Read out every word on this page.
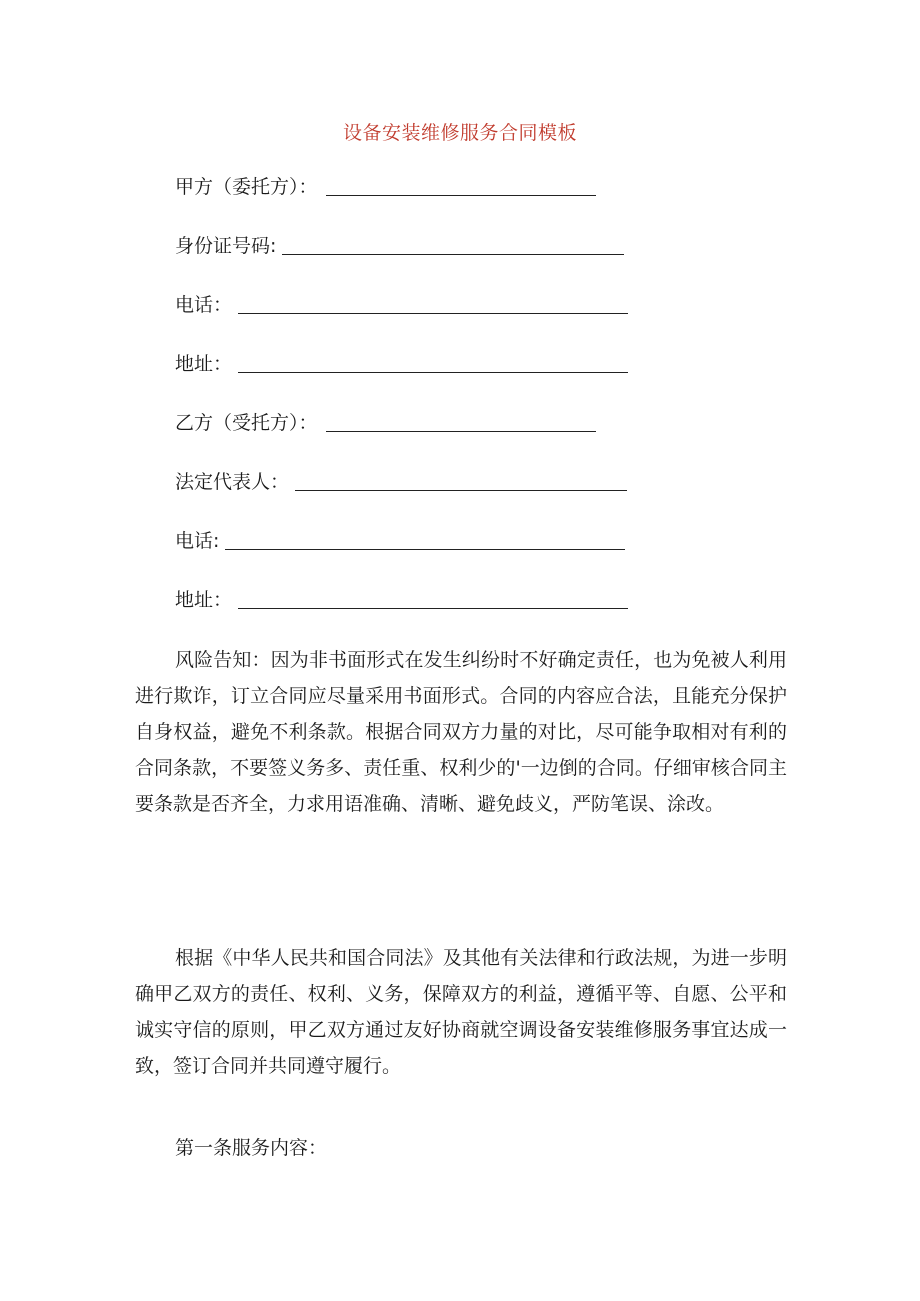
设备安装维修服务合同模板
甲方（委托方）：
身份证号码:
电话：
地址：
乙方（受托方）：
法定代表人：
电话:
地址：

风险告知：因为非书面形式在发生纠纷时不好确定责任，也为免被人利用进行欺诈，订立合同应尽量采用书面形式。合同的内容应合法，且能充分保护自身权益，避免不利条款。根据合同双方力量的对比，尽可能争取相对有利的合同条款，不要签义务多、责任重、权利少的'一边倒的合同。仔细审核合同主要条款是否齐全，力求用语准确、清晰、避免歧义，严防笔误、涂改。

根据《中华人民共和国合同法》及其他有关法律和行政法规，为进一步明确甲乙双方的责任、权利、义务，保障双方的利益，遵循平等、自愿、公平和诚实守信的原则，甲乙双方通过友好协商就空调设备安装维修服务事宜达成一致，签订合同并共同遵守履行。

第一条服务内容：
